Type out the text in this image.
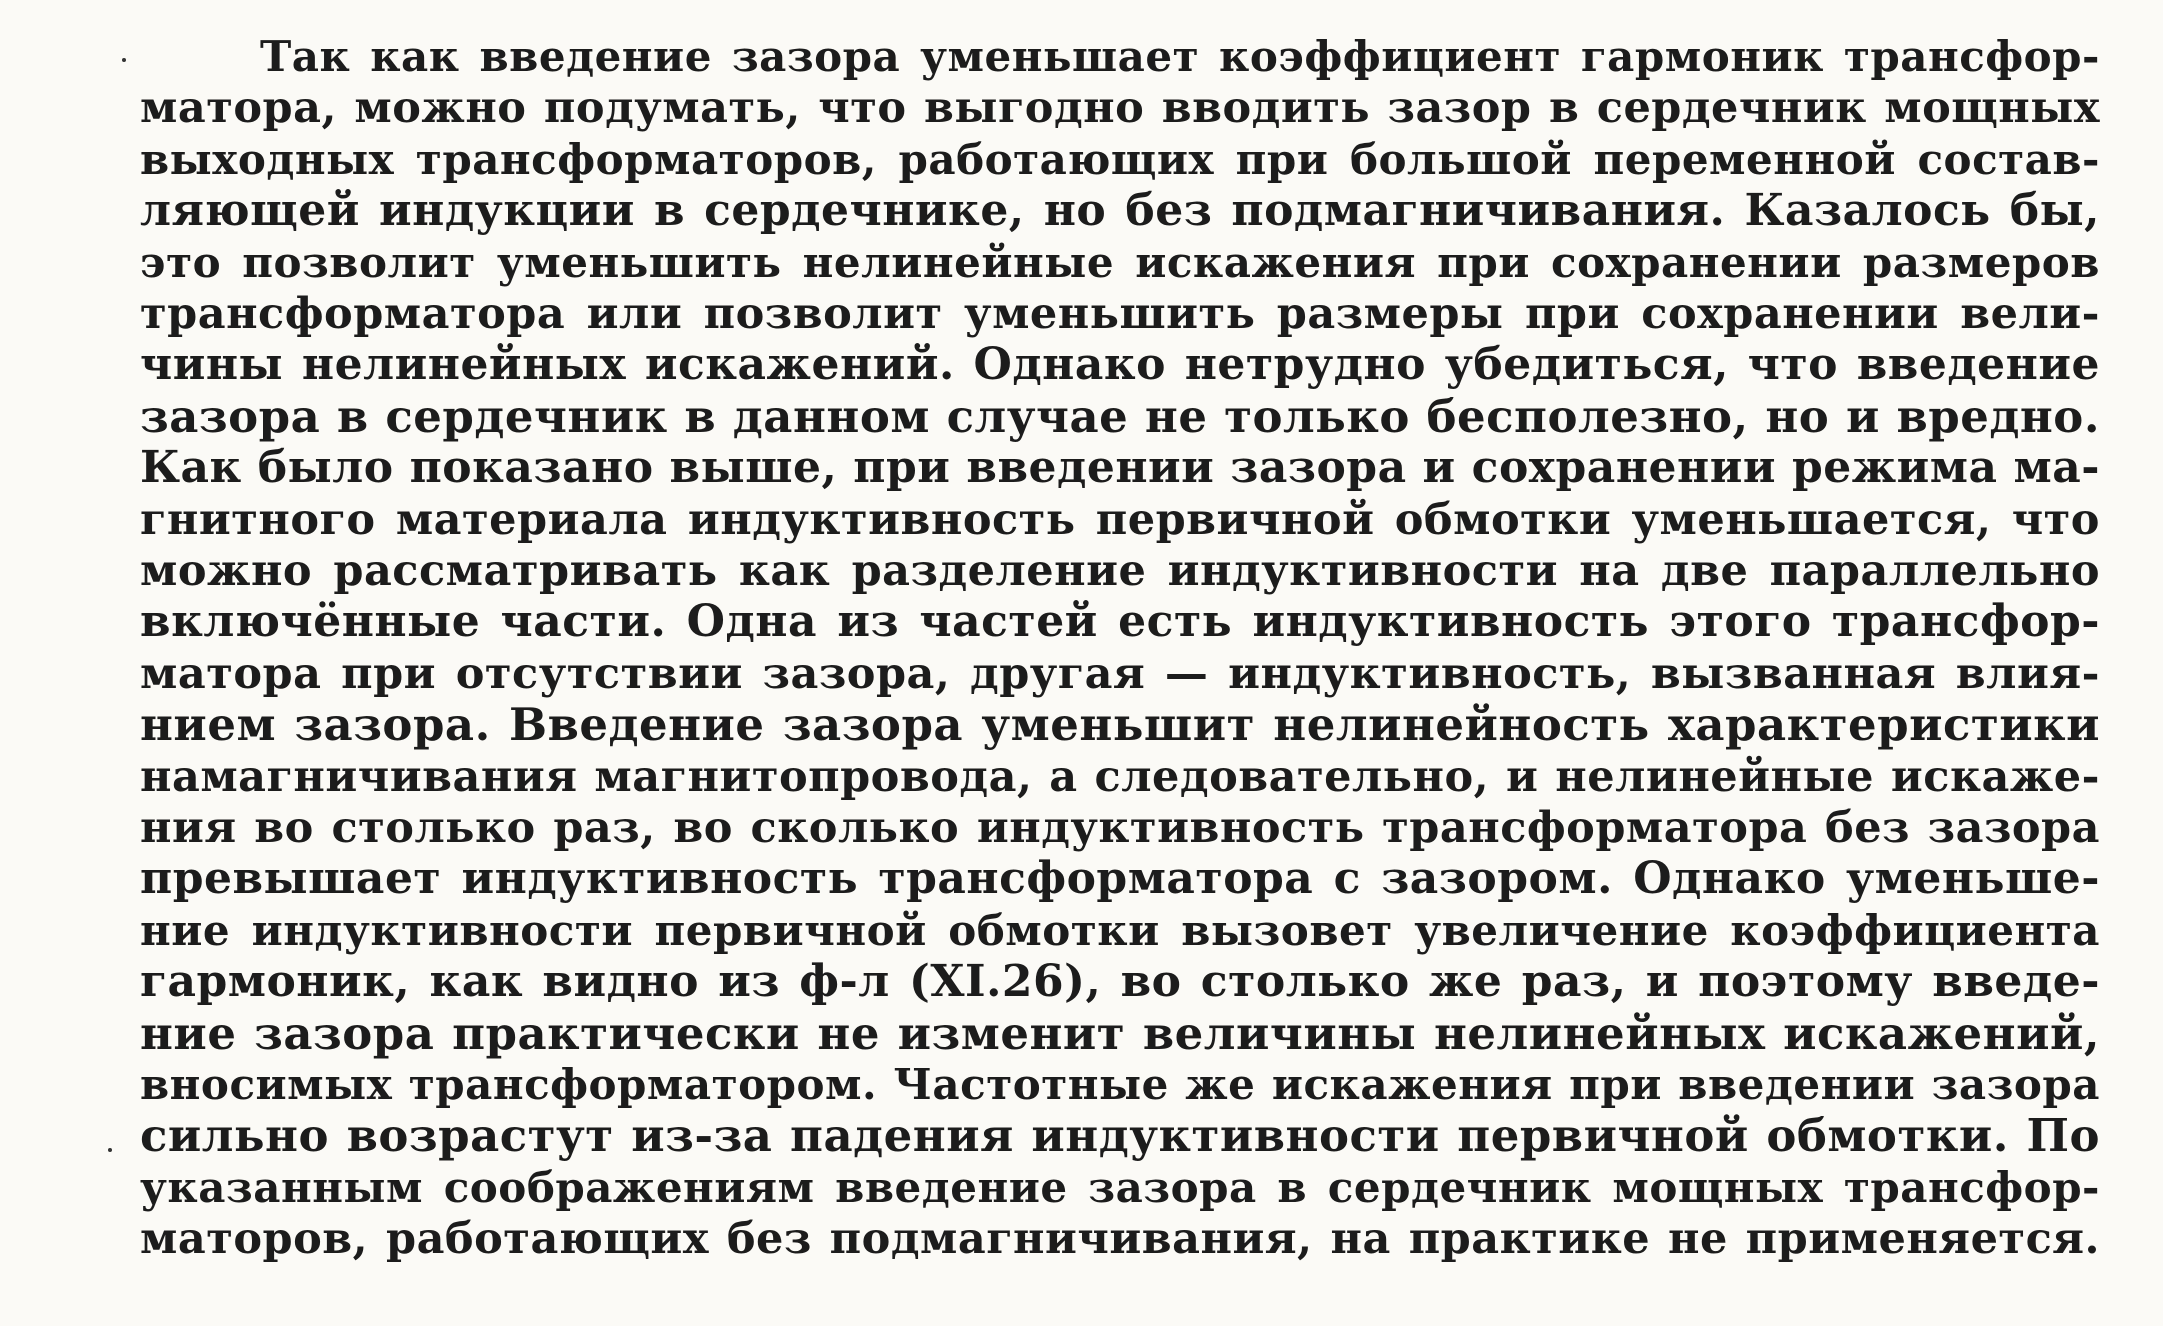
Так как введение зазора уменьшает коэффициент гармоник трансфор-
матора, можно подумать, что выгодно вводить зазор в сердечник мощных
выходных трансформаторов, работающих при большой переменной состав-
ляющей индукции в сердечнике, но без подмагничивания. Казалось бы,
это позволит уменьшить нелинейные искажения при сохранении размеров
трансформатора или позволит уменьшить размеры при сохранении вели-
чины нелинейных искажений. Однако нетрудно убедиться, что введение
зазора в сердечник в данном случае не только бесполезно, но и вредно.
Как было показано выше, при введении зазора и сохранении режима ма-
гнитного материала индуктивность первичной обмотки уменьшается, что
можно рассматривать как разделение индуктивности на две параллельно
включённые части. Одна из частей есть индуктивность этого трансфор-
матора при отсутствии зазора, другая — индуктивность, вызванная влия-
нием зазора. Введение зазора уменьшит нелинейность характеристики
намагничивания магнитопровода, а следовательно, и нелинейные искаже-
ния во столько раз, во сколько индуктивность трансформатора без зазора
превышает индуктивность трансформатора с зазором. Однако уменьше-
ние индуктивности первичной обмотки вызовет увеличение коэффициента
гармоник, как видно из ф-л (XI.26), во столько же раз, и поэтому введе-
ние зазора практически не изменит величины нелинейных искажений,
вносимых трансформатором. Частотные же искажения при введении зазора
сильно возрастут из-за падения индуктивности первичной обмотки. По
указанным соображениям введение зазора в сердечник мощных трансфор-
маторов, работающих без подмагничивания, на практике не применяется.
